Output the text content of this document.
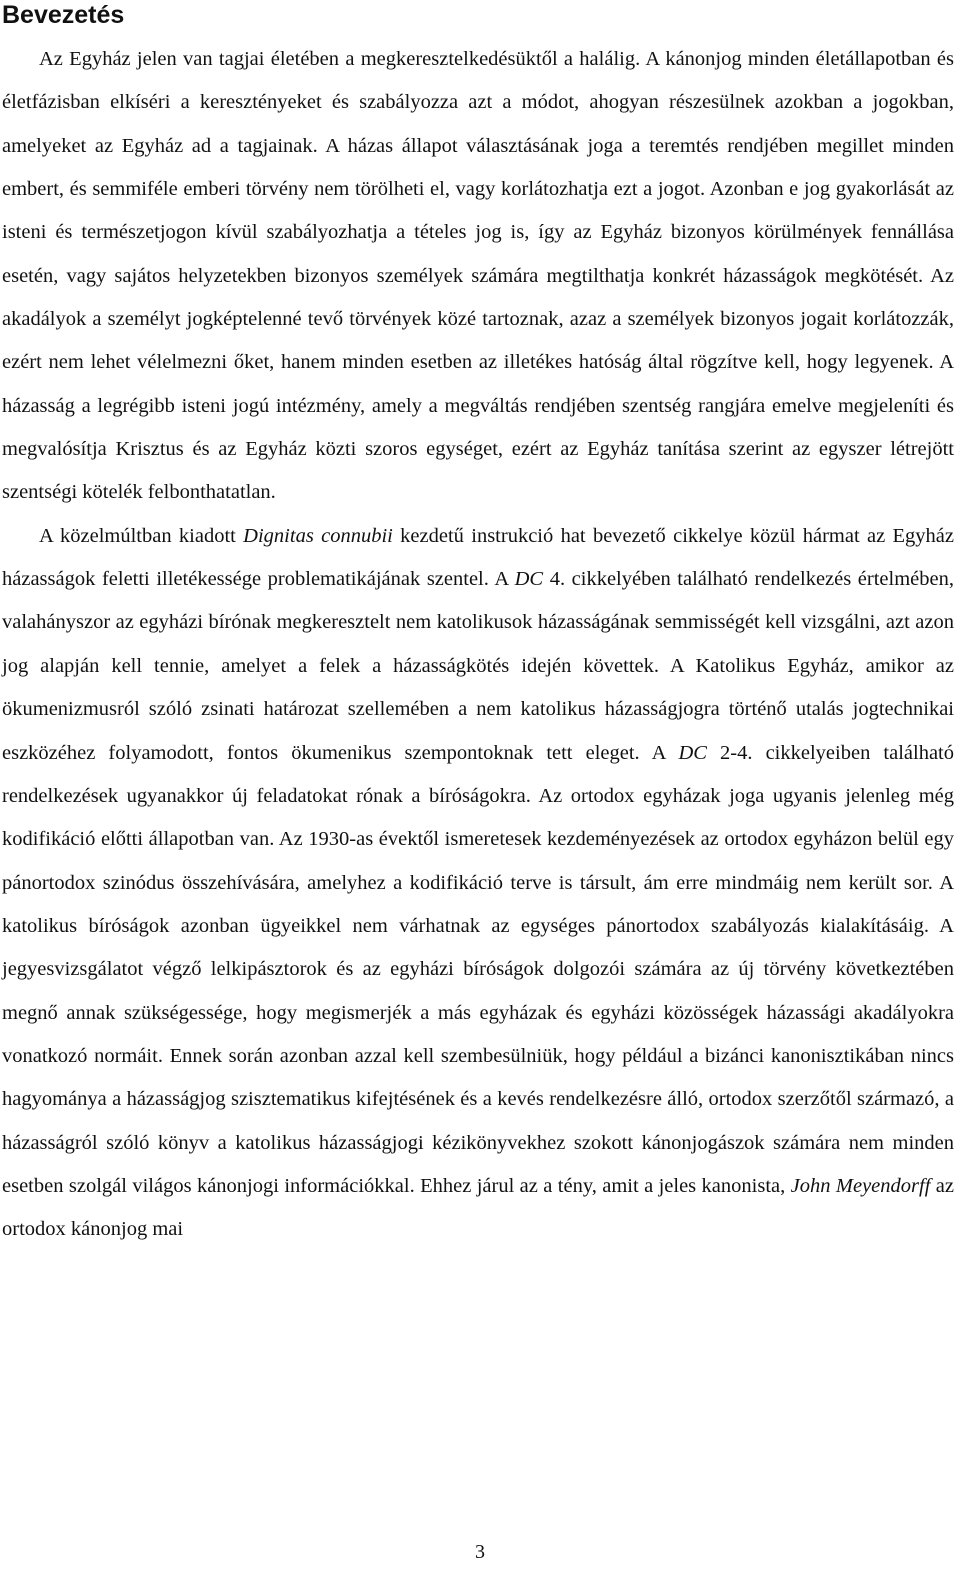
Bevezetés

Az Egyház jelen van tagjai életében a megkeresztelkedésüktől a halálig. A kánonjog minden életállapotban és életfázisban elkíséri a keresztényeket és szabályozza azt a módot, ahogyan részesülnek azokban a jogokban, amelyeket az Egyház ad a tagjainak. A házas állapot választásának joga a teremtés rendjében megillet minden embert, és semmiféle emberi törvény nem törölheti el, vagy korlátozhatja ezt a jogot. Azonban e jog gyakorlását az isteni és természetjogon kívül szabályozhatja a tételes jog is, így az Egyház bizonyos körülmények fennállása esetén, vagy sajátos helyzetekben bizonyos személyek számára megtilthatja konkrét házasságok megkötését. Az akadályok a személyt jogképtelenné tevő törvények közé tartoznak, azaz a személyek bizonyos jogait korlátozzák, ezért nem lehet vélelmezni őket, hanem minden esetben az illetékes hatóság által rögzítve kell, hogy legyenek. A házasság a legrégibb isteni jogú intézmény, amely a megváltás rendjében szentség rangjára emelve megjeleníti és megvalósítja Krisztus és az Egyház közti szoros egységet, ezért az Egyház tanítása szerint az egyszer létrejött szentségi kötelék felbonthatatlan.

A közelmúltban kiadott Dignitas connubii kezdetű instrukció hat bevezető cikkelye közül hármat az Egyház házasságok feletti illetékessége problematikájának szentel. A DC 4. cikkelyében található rendelkezés értelmében, valahányszor az egyházi bírónak megkeresztelt nem katolikusok házasságának semmisségét kell vizsgálni, azt azon jog alapján kell tennie, amelyet a felek a házasságkötés idején követtek. A Katolikus Egyház, amikor az ökumenizmusról szóló zsinati határozat szellemében a nem katolikus házasságjogra történő utalás jogtechnikai eszközéhez folyamodott, fontos ökumenikus szempontoknak tett eleget. A DC 2-4. cikkelyeiben található rendelkezések ugyanakkor új feladatokat rónak a bíróságokra. Az ortodox egyházak joga ugyanis jelenleg még kodifikáció előtti állapotban van. Az 1930-as évektől ismeretesek kezdeményezések az ortodox egyházon belül egy pánortodox szinódus összehívására, amelyhez a kodifikáció terve is társult, ám erre mindmáig nem került sor. A katolikus bíróságok azonban ügyeikkel nem várhatnak az egységes pánortodox szabályozás kialakításáig. A jegyesvizsgálatot végző lelkipásztorok és az egyházi bíróságok dolgozói számára az új törvény következtében megnő annak szükségessége, hogy megismerjék a más egyházak és egyházi közösségek házassági akadályokra vonatkozó normáit. Ennek során azonban azzal kell szembesülniük, hogy például a bizánci kanonisztikában nincs hagyománya a házasságjog szisztematikus kifejtésének és a kevés rendelkezésre álló, ortodox szerzőtől származó, a házasságról szóló könyv a katolikus házasságjogi kézikönyvekhez szokott kánonjogászok számára nem minden esetben szolgál világos kánonjogi információkkal. Ehhez járul az a tény, amit a jeles kanonista, John Meyendorff az ortodox kánonjog mai

3
